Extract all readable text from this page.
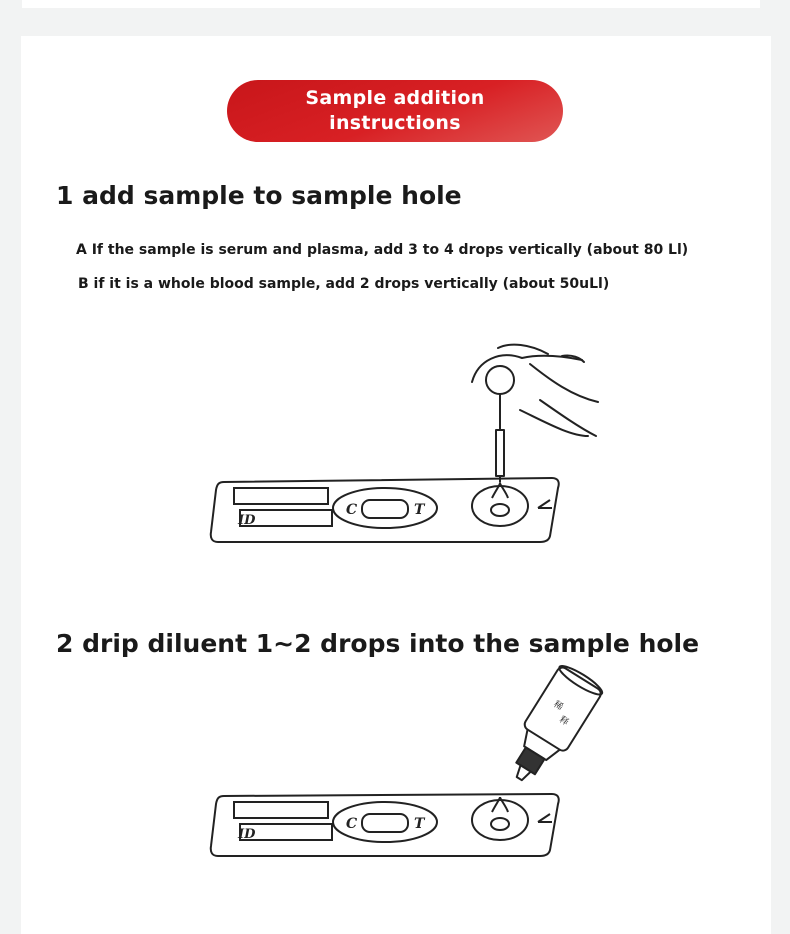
Sample addition instructions
1 add sample to sample hole
A If the sample is serum and plasma, add 3 to 4 drops vertically (about 80 Ll)
B if it is a whole blood sample, add 2 drops vertically (about 50uLl)
ID
C	T
2 drip diluent 1~2 drops into the sample hole
稀
释
ID
C	T
